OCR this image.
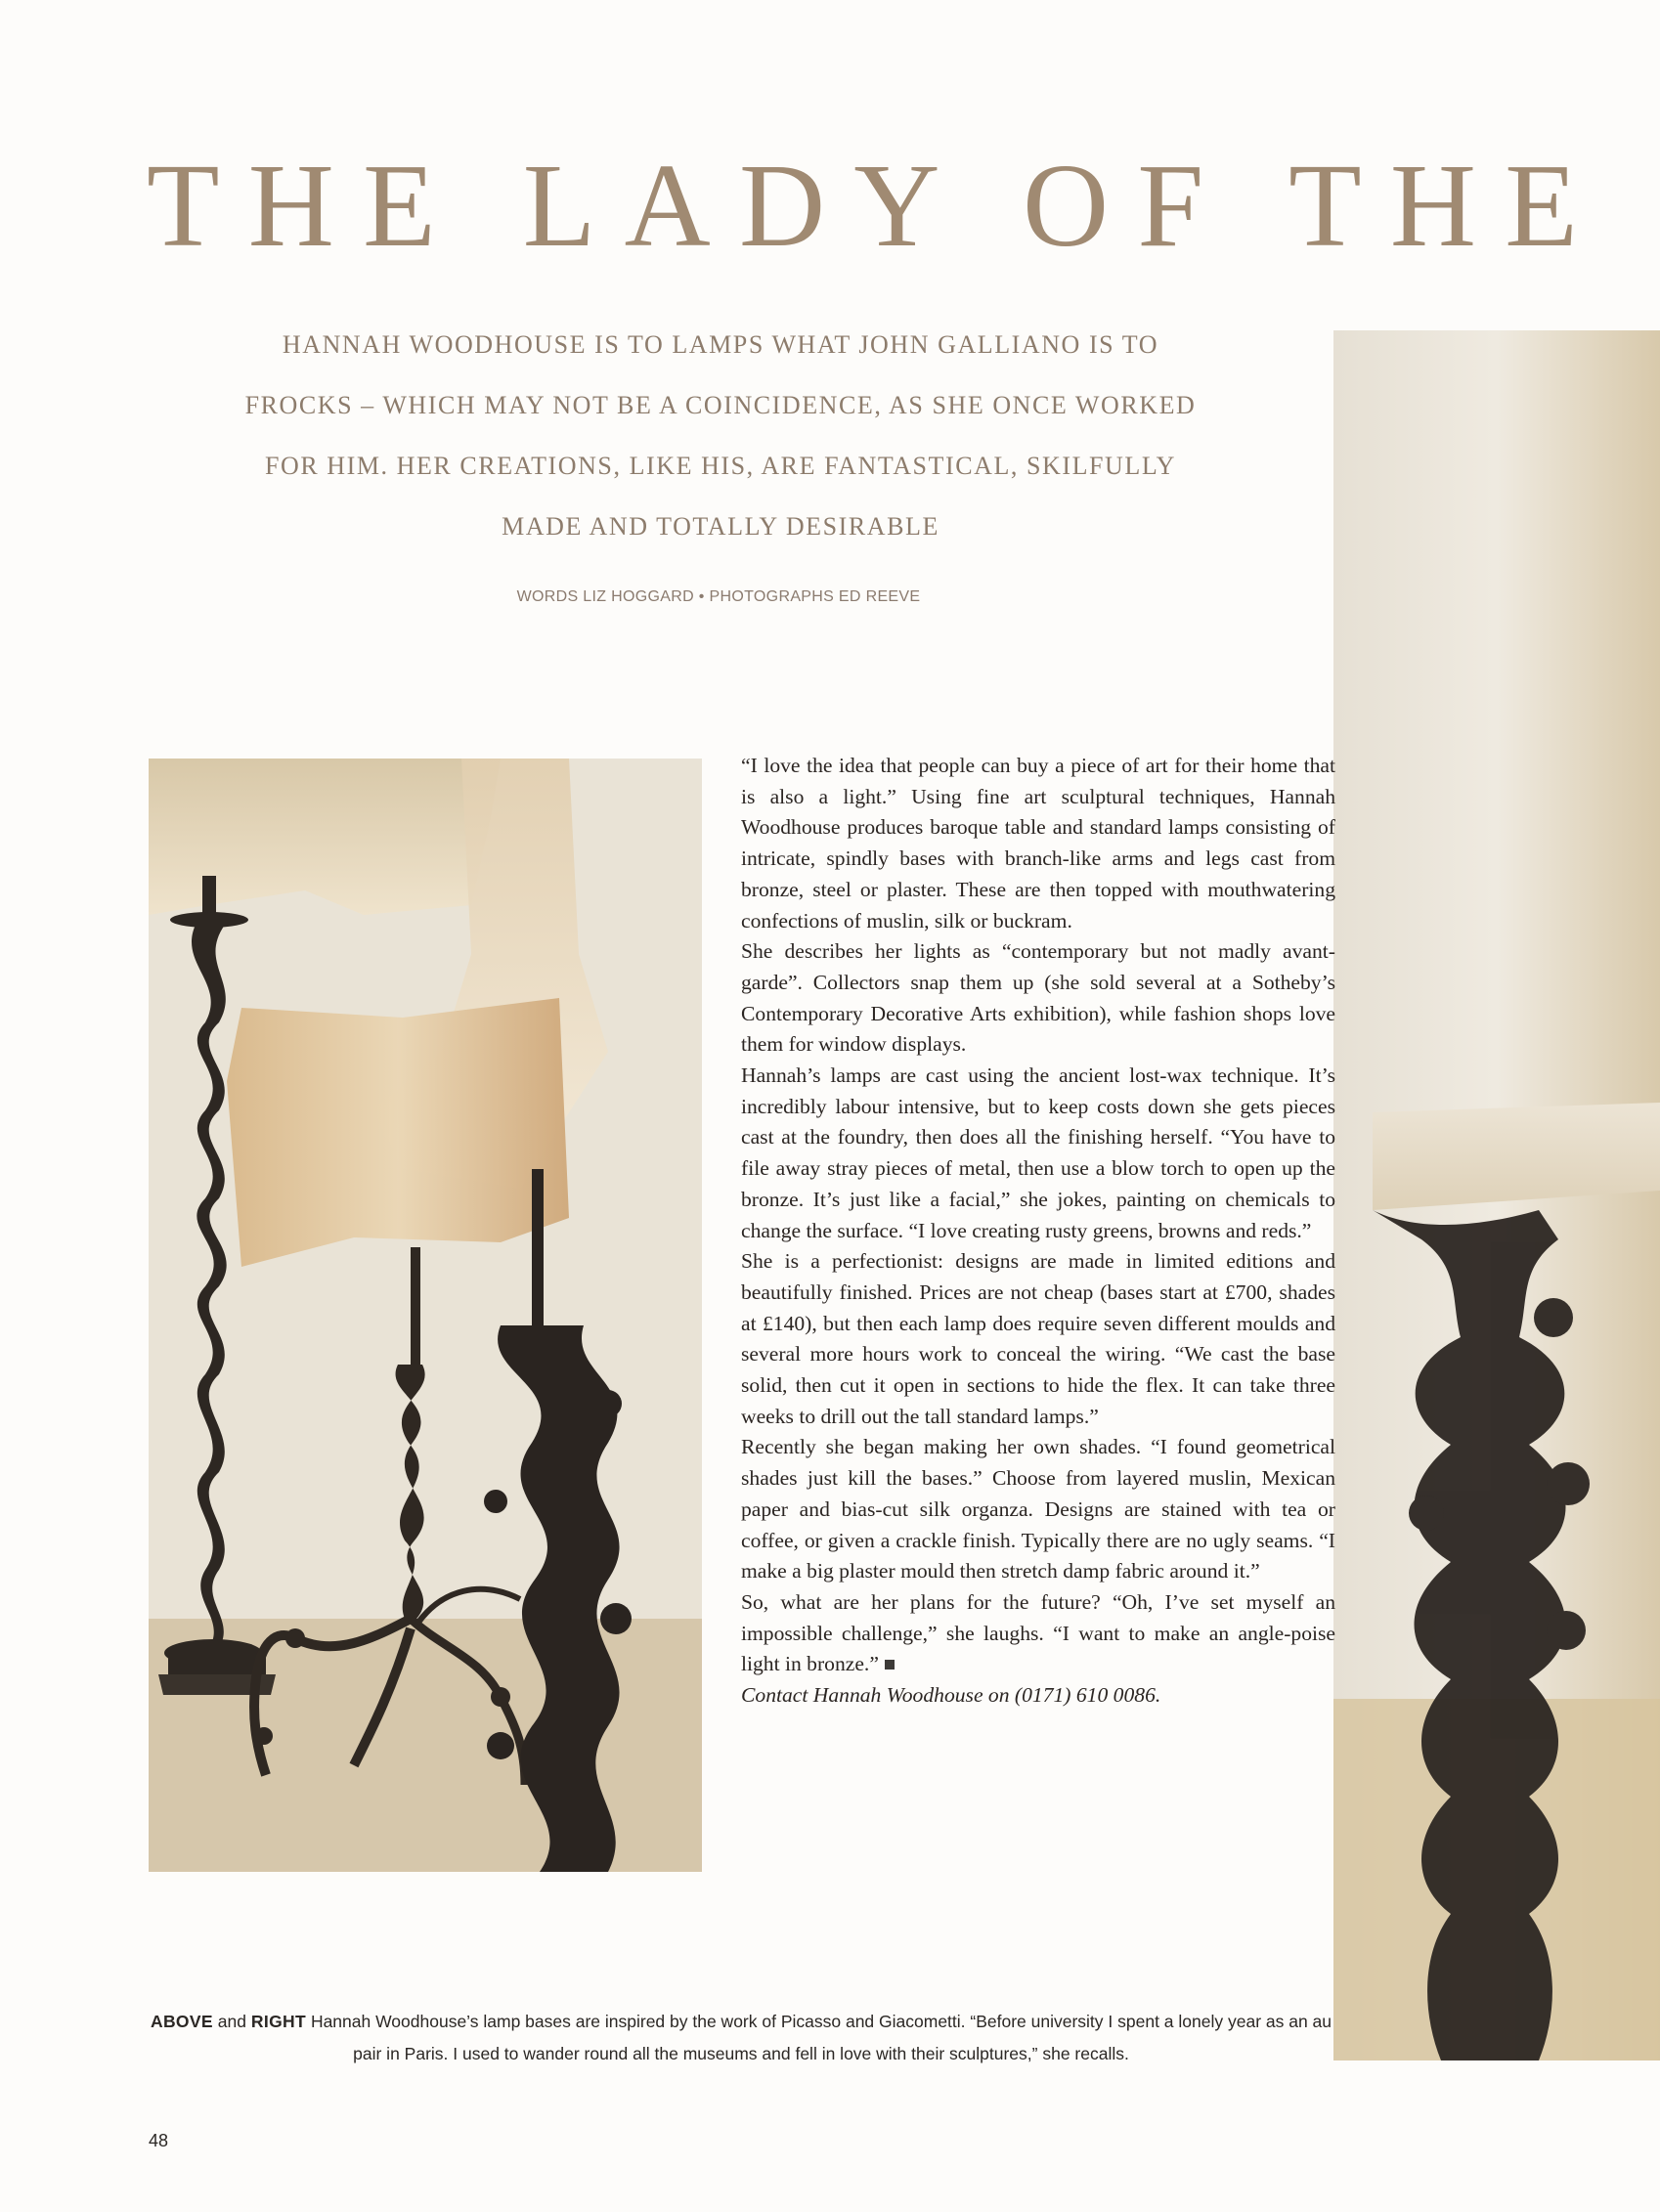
THE LADY OF THE
HANNAH WOODHOUSE IS TO LAMPS WHAT JOHN GALLIANO IS TO FROCKS – WHICH MAY NOT BE A COINCIDENCE, AS SHE ONCE WORKED FOR HIM. HER CREATIONS, LIKE HIS, ARE FANTASTICAL, SKILFULLY MADE AND TOTALLY DESIRABLE
WORDS LIZ HOGGARD • PHOTOGRAPHS ED REEVE

“I love the idea that people can buy a piece of art for their home that is also a light.” Using fine art sculptural techniques, Hannah Woodhouse produces baroque table and standard lamps consisting of intricate, spindly bases with branch-like arms and legs cast from bronze, steel or plaster. These are then topped with mouthwatering confections of muslin, silk or buckram.

She describes her lights as “contemporary but not madly avant-garde”. Collectors snap them up (she sold several at a Sotheby’s Contemporary Decorative Arts exhibition), while fashion shops love them for window displays.

Hannah’s lamps are cast using the ancient lost-wax technique. It’s incredibly labour intensive, but to keep costs down she gets pieces cast at the foundry, then does all the finishing herself. “You have to file away stray pieces of metal, then use a blow torch to open up the bronze. It’s just like a facial,” she jokes, painting on chemicals to change the surface. “I love creating rusty greens, browns and reds.”

She is a perfectionist: designs are made in limited editions and beautifully finished. Prices are not cheap (bases start at £700, shades at £140), but then each lamp does require seven different moulds and several more hours work to conceal the wiring. “We cast the base solid, then cut it open in sections to hide the flex. It can take three weeks to drill out the tall standard lamps.”

Recently she began making her own shades. “I found geometrical shades just kill the bases.” Choose from layered muslin, Mexican paper and bias-cut silk organza. Designs are stained with tea or coffee, or given a crackle finish. Typically there are no ugly seams. “I make a big plaster mould then stretch damp fabric around it.”

So, what are her plans for the future? “Oh, I’ve set myself an impossible challenge,” she laughs. “I want to make an angle-poise light in bronze.”

Contact Hannah Woodhouse on (0171) 610 0086.

ABOVE and RIGHT Hannah Woodhouse’s lamp bases are inspired by the work of Picasso and Giacometti. “Before university I spent a lonely year as an au pair in Paris. I used to wander round all the museums and fell in love with their sculptures,” she recalls.
48
